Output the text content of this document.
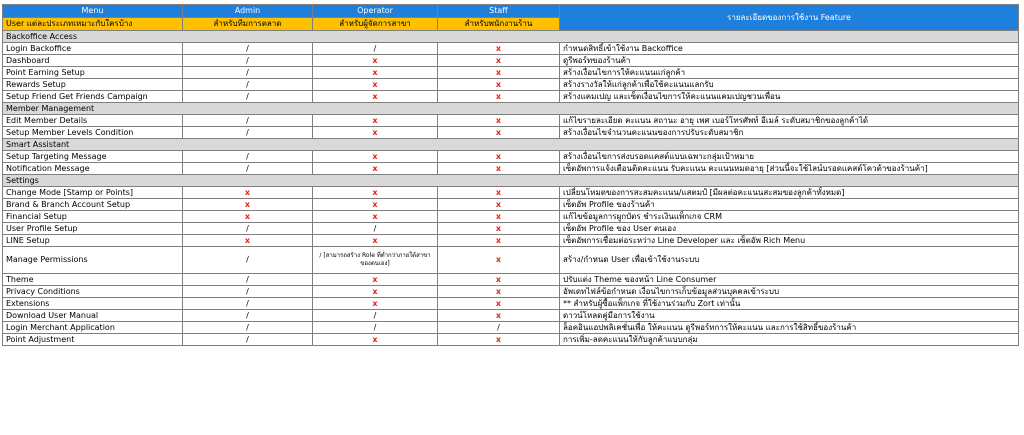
Menu	Admin	Operator	Staff	รายละเอียดของการใช้งาน Feature
User แต่ละประเภทเหมาะกับใครบ้าง	สำหรับทีมการตลาด	สำหรับผู้จัดการสาขา	สำหรับพนักงานร้าน	
Backoffice Access				
Login Backoffice	/	/	x	กำหนดสิทธิ์เข้าใช้งาน Backoffice
Dashboard	/	x	x	ดูรีพอร์ทของร้านค้า
Point Earning Setup	/	x	x	สร้างเงื่อนไขการให้คะแนนแก่ลูกค้า
Rewards Setup	/	x	x	สร้างรางวัลให้แก่ลูกค้าเพื่อใช้คะแนนแลกรับ
Setup Friend Get Friends Campaign	/	x	x	สร้างแคมเปญ และเซ็ตเงื่อนไขการให้คะแนนแคมเปญชวนเพื่อน
Member Management				
Edit Member Details	/	x	x	แก้ไขรายละเอียด คะแนน สถานะ อายุ เพศ เบอร์โทรศัพท์ อีเมล์ ระดับสมาชิกของลูกค้าได้
Setup Member Levels Condition	/	x	x	สร้างเงื่อนไขจำนวนคะแนนของการปรับระดับสมาชิก
Smart Assistant				
Setup Targeting Message	/	x	x	สร้างเงื่อนไขการส่งบรอดแคสต์แบบเฉพาะกลุ่มเป้าหมาย
Notification Message	/	x	x	เซ็ตอัพการแจ้งเตือนติดคะแนน รับคะแนน คะแนนหมดอายุ [ส่วนนี้จะใช้ไลน์บรอดแคสต์โควต้าของร้านค้า]
Settings				
Change Mode [Stamp or Points]	x	x	x	เปลี่ยนโหมดของการสะสมคะแนน/แสตมป์ [มีผลต่อคะแนนสะสมของลูกค้าทั้งหมด]
Brand & Branch Account Setup	x	x	x	เซ็ตอัพ Profile ของร้านค้า
Financial Setup	x	x	x	แก้ไขข้อมูลการผูกบัตร ชำระเงินแพ็กเกจ CRM
User Profile Setup	/	/	x	เซ็ตอัพ Profile ของ User ตนเอง
LINE Setup	x	x	x	เซ็ตอัพการเชื่อมต่อระหว่าง Line Developer และ เซ็ตอัพ Rich Menu
Manage Permissions	/	/ [สามารถสร้าง Role ที่ต่ำกว่าภายใต้สาขาของตนเอง]	x	สร้าง/กำหนด User เพื่อเข้าใช้งานระบบ
Theme	/	x	x	ปรับแต่ง Theme ของหน้า Line Consumer
Privacy Conditions	/	x	x	อัพเดทไฟล์ข้อกำหนด เงื่อนไขการเก็บข้อมูลส่วนบุคคลเข้าระบบ
Extensions	/	x	x	** สำหรับผู้ซื้อแพ็กเกจ ที่ใช้งานร่วมกับ Zort เท่านั้น
Download User Manual	/	/	x	ดาวน์โหลดคู่มือการใช้งาน
Login Merchant Application	/	/	/	ล็อคอินแอปพลิเคชั่นเพื่อ ให้คะแนน ดูรีพอร์ทการให้คะแนน และการใช้สิทธิ์ของร้านค้า
Point Adjustment	/	x	x	การเพิ่ม-ลดคะแนนให้กับลูกค้าแบบกลุ่ม
